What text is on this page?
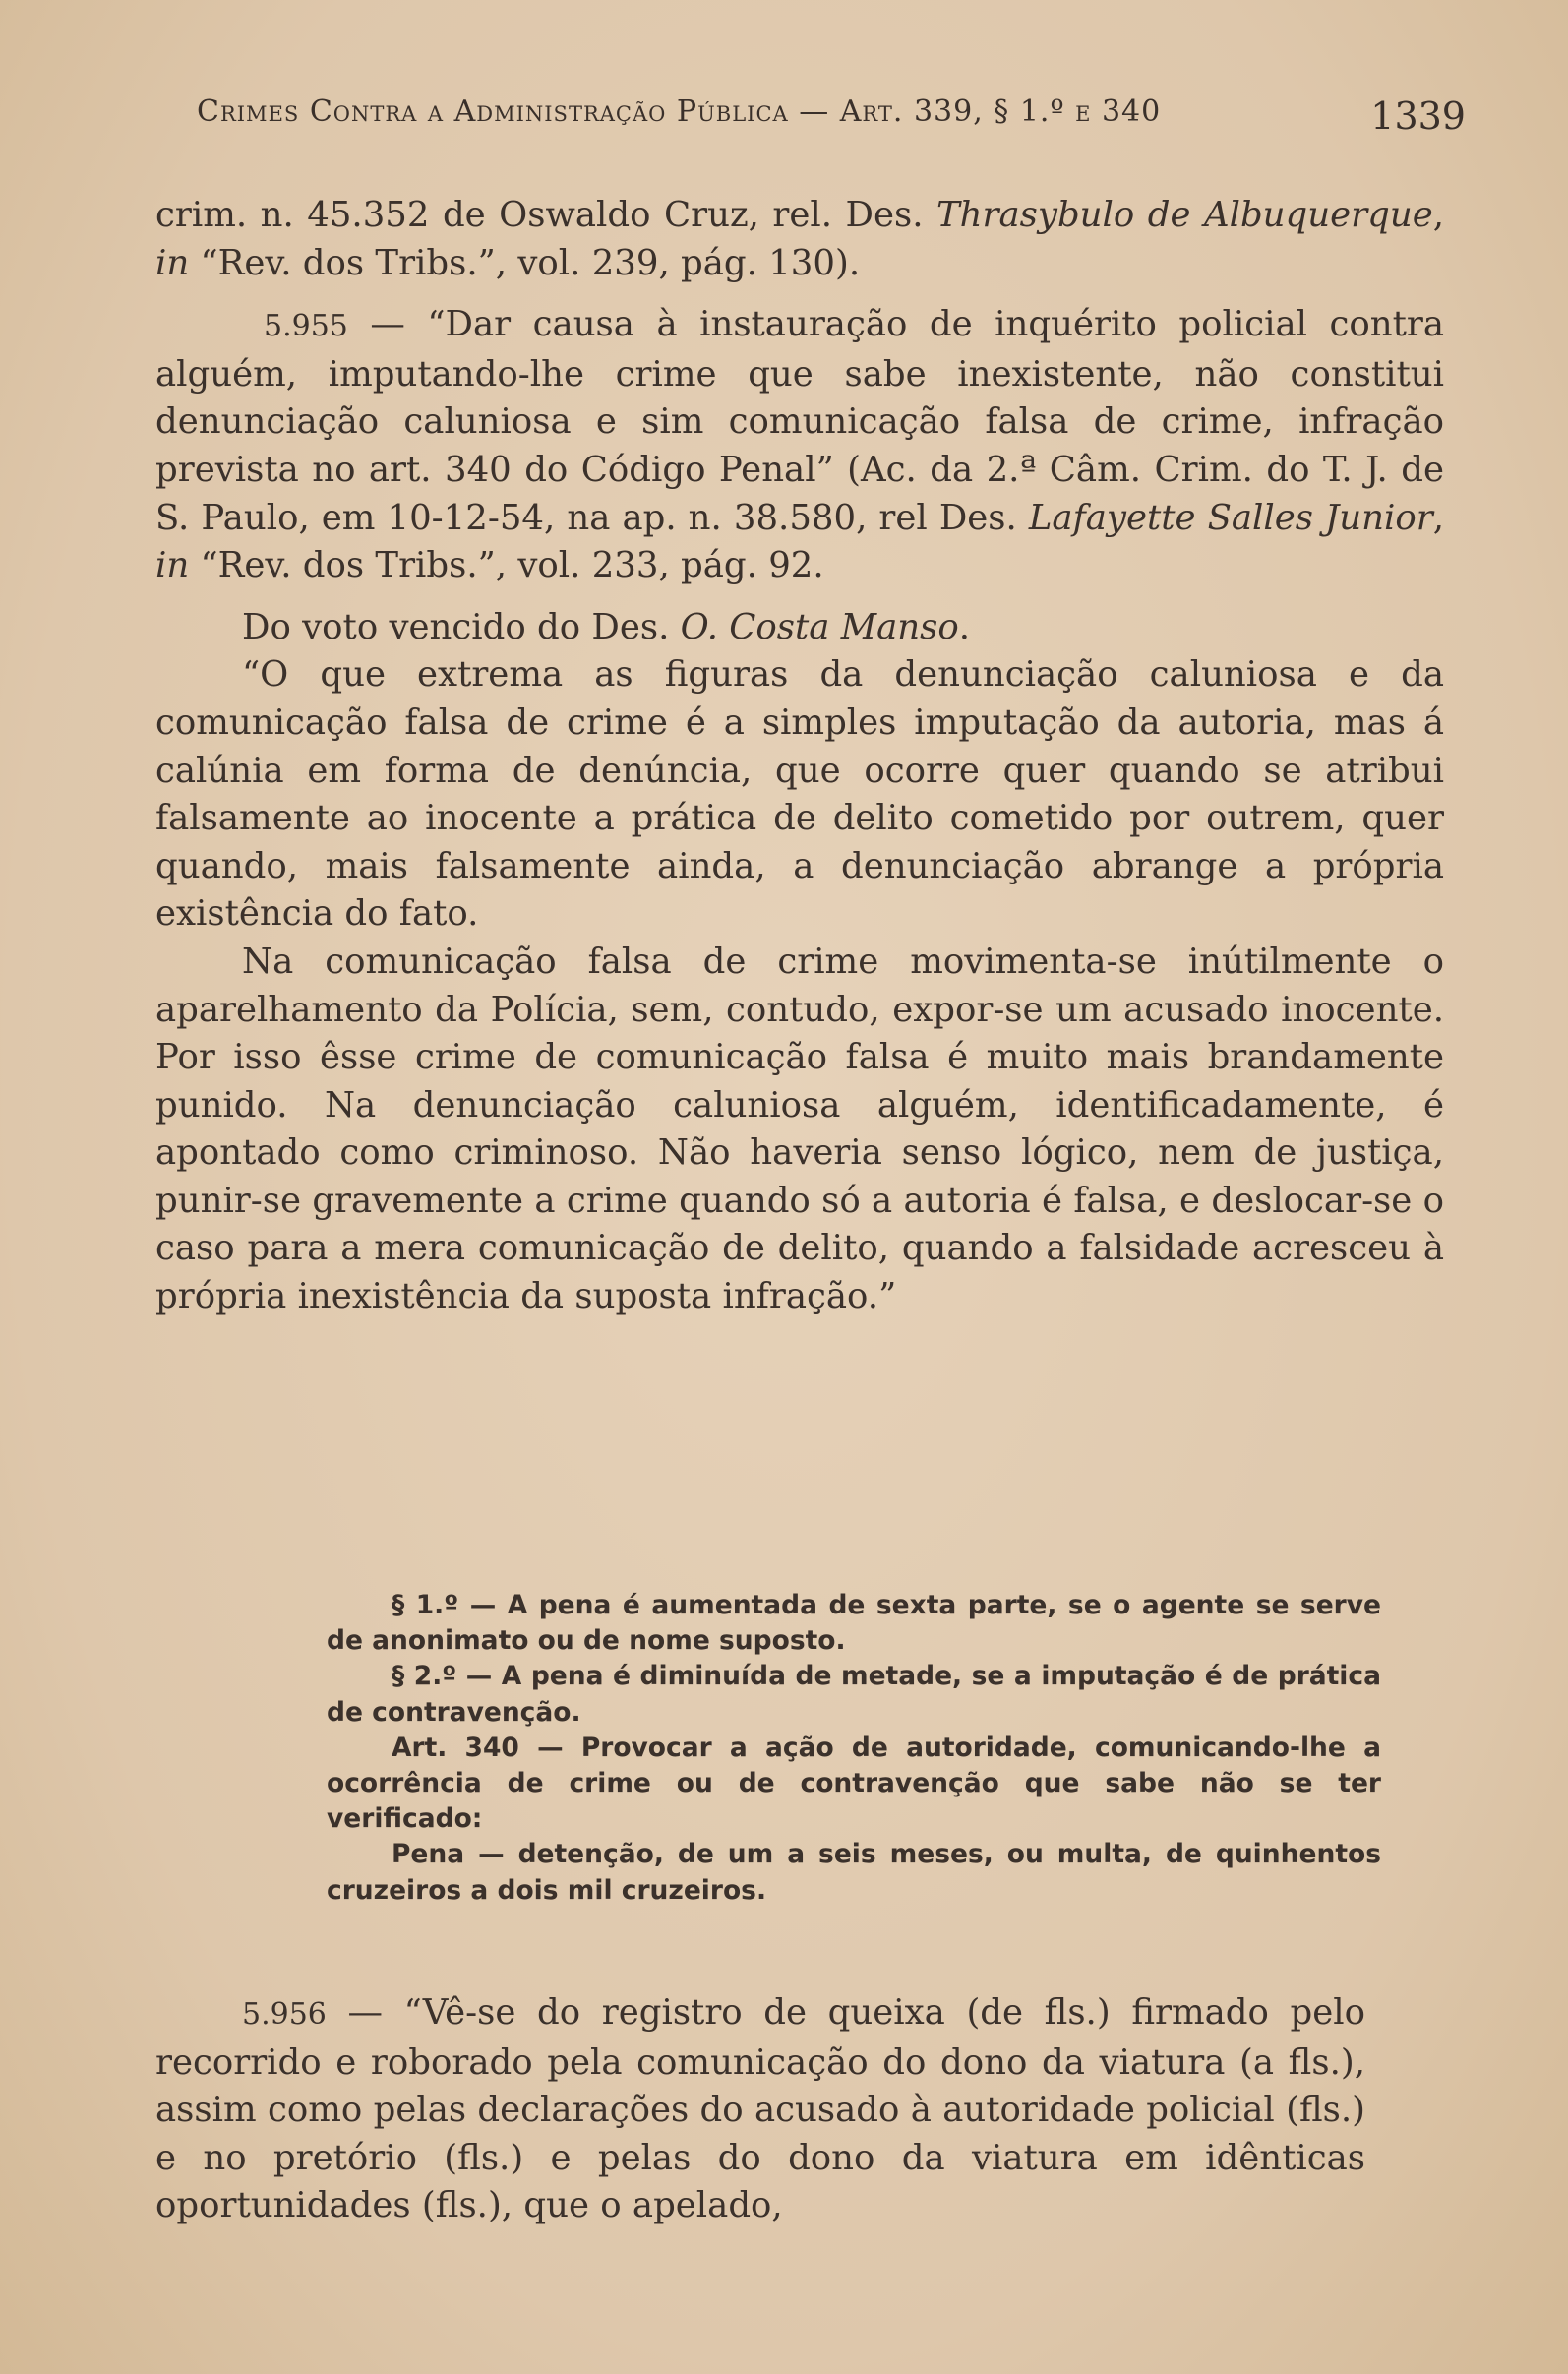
Crimes Contra a Administração Pública — Art. 339, § 1.º e 340	1339

crim. n. 45.352 de Oswaldo Cruz, rel. Des. Thrasybulo de Albuquerque, in “Rev. dos Tribs.”, vol. 239, pág. 130).

5.955 — “Dar causa à instauração de inquérito policial contra alguém, imputando-lhe crime que sabe inexistente, não constitui denunciação caluniosa e sim comunicação falsa de crime, infração prevista no art. 340 do Código Penal” (Ac. da 2.ª Câm. Crim. do T. J. de S. Paulo, em 10-12-54, na ap. n. 38.580, rel Des. Lafayette Salles Junior, in “Rev. dos Tribs.”, vol. 233, pág. 92.

Do voto vencido do Des. O. Costa Manso.

“O que extrema as figuras da denunciação caluniosa e da comunicação falsa de crime é a simples imputação da autoria, mas á calúnia em forma de denúncia, que ocorre quer quando se atribui falsamente ao inocente a prática de delito cometido por outrem, quer quando, mais falsamente ainda, a denunciação abrange a própria existência do fato.

Na comunicação falsa de crime movimenta-se inútilmente o aparelhamento da Polícia, sem, contudo, expor-se um acusado inocente. Por isso êsse crime de comunicação falsa é muito mais brandamente punido. Na denunciação caluniosa alguém, identificadamente, é apontado como criminoso. Não haveria senso lógico, nem de justiça, punir-se gravemente a crime quando só a autoria é falsa, e deslocar-se o caso para a mera comunicação de delito, quando a falsidade acresceu à própria inexistência da suposta infração.”

§ 1.º — A pena é aumentada de sexta parte, se o agente se serve de anonimato ou de nome suposto.

§ 2.º — A pena é diminuída de metade, se a imputação é de prática de contravenção.

Art. 340 — Provocar a ação de autoridade, comunicando-lhe a ocorrência de crime ou de contravenção que sabe não se ter verificado:

Pena — detenção, de um a seis meses, ou multa, de quinhentos cruzeiros a dois mil cruzeiros.

5.956 — “Vê-se do registro de queixa (de fls.) firmado pelo recorrido e roborado pela comunicação do dono da viatura (a fls.), assim como pelas declarações do acusado à autoridade policial (fls.) e no pretório (fls.) e pelas do dono da viatura em idênticas oportunidades (fls.), que o apelado,
